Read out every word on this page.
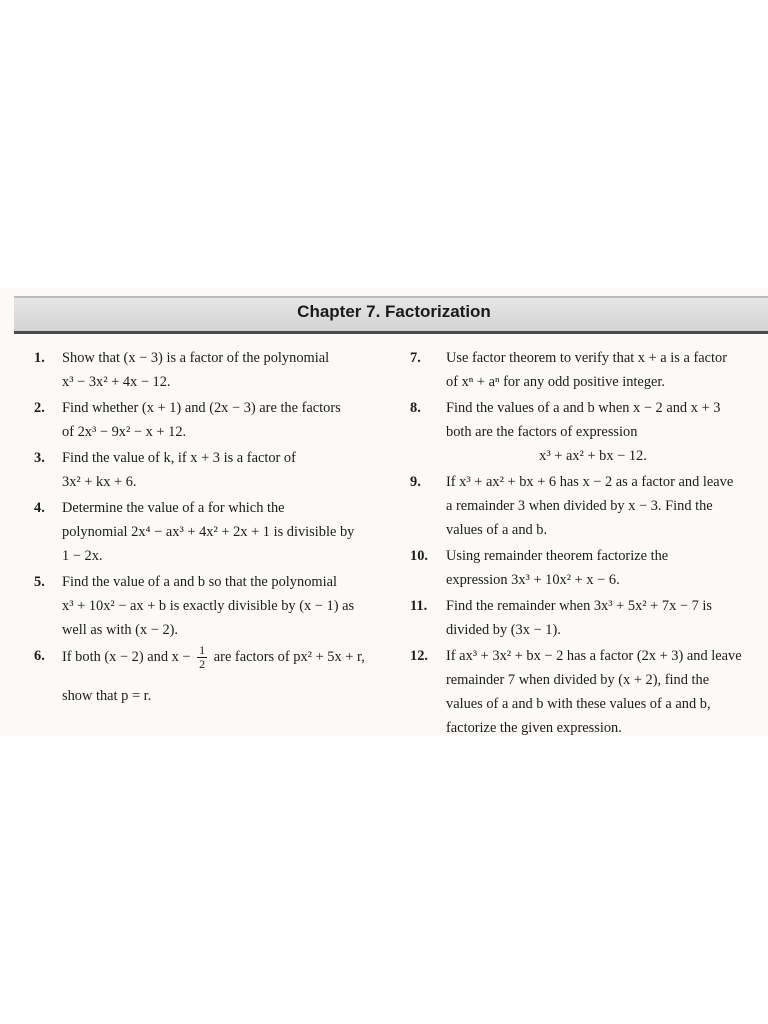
Chapter 7. Factorization
1.	Show that (x − 3) is a factor of the polynomial
x³ − 3x² + 4x − 12.
2.	Find whether (x + 1) and (2x − 3) are the factors
of 2x³ − 9x² − x + 12.
3.	Find the value of k, if x + 3 is a factor of
3x² + kx + 6.
4.	Determine the value of a for which the
polynomial 2x⁴ − ax³ + 4x² + 2x + 1 is divisible by
1 − 2x.
5.	Find the value of a and b so that the polynomial
x³ + 10x² − ax + b is exactly divisible by (x − 1) as
well as with (x − 2).
6.	If both (x − 2) and $x - \frac{1}{2}$ are factors of px² + 5x + r,
show that p = r.
7.	Use factor theorem to verify that x + a is a factor
of xⁿ + aⁿ for any odd positive integer.
8.	Find the values of a and b when x − 2 and x + 3
both are the factors of expression
x³ + ax² + bx − 12.
9.	If x³ + ax² + bx + 6 has x − 2 as a factor and leave
a remainder 3 when divided by x − 3. Find the
values of a and b.
10.	Using remainder theorem factorize the
expression 3x³ + 10x² + x − 6.
11.	Find the remainder when 3x³ + 5x² + 7x − 7 is
divided by (3x − 1).
12.	If ax³ + 3x² + bx − 2 has a factor (2x + 3) and leave
remainder 7 when divided by (x + 2), find the
values of a and b with these values of a and b,
factorize the given expression.
